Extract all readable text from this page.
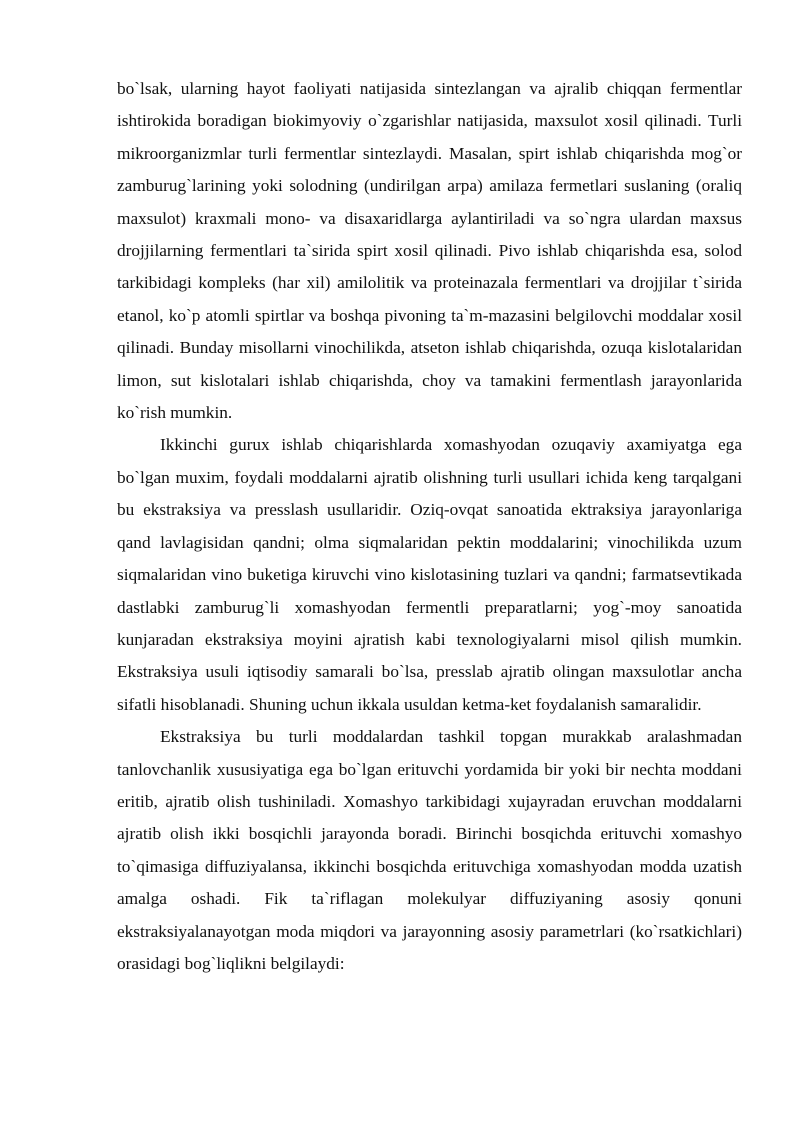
bo`lsak, ularning hayot faoliyati natijasida sintezlangan va ajralib chiqqan fermentlar ishtirokida boradigan biokimyoviy o`zgarishlar natijasida, maxsulot xosil qilinadi. Turli mikroorganizmlar turli fermentlar sintezlaydi. Masalan, spirt ishlab chiqarishda mog`or zamburug`larining yoki solodning (undirilgan arpa) amilaza fermetlari suslaning (oraliq maxsulot) kraxmali mono- va disaxaridlarga aylantiriladi va so`ngra ulardan maxsus drojjilarning fermentlari ta`sirida spirt xosil qilinadi. Pivo ishlab chiqarishda esa, solod tarkibidagi kompleks (har xil) amilolitik va proteinazala fermentlari va drojjilar t`sirida etanol, ko`p atomli spirtlar va boshqa pivoning ta`m-mazasini belgilovchi moddalar xosil qilinadi. Bunday misollarni vinochilikda, atseton ishlab chiqarishda, ozuqa kislotalaridan limon, sut kislotalari ishlab chiqarishda, choy va tamakini fermentlash jarayonlarida ko`rish mumkin.

Ikkinchi gurux ishlab chiqarishlarda xomashyodan ozuqaviy axamiyatga ega bo`lgan muxim, foydali moddalarni ajratib olishning turli usullari ichida keng tarqalgani bu ekstraksiya va presslash usullaridir. Oziq-ovqat sanoatida ektraksiya jarayonlariga qand lavlagisidan qandni; olma siqmalaridan pektin moddalarini; vinochilikda uzum siqmalaridan vino buketiga kiruvchi vino kislotasining tuzlari va qandni; farmatsevtikada dastlabki zamburug`li xomashyodan fermentli preparatlarni; yog`-moy sanoatida kunjaradan ekstraksiya moyini ajratish kabi texnologiyalarni misol qilish mumkin. Ekstraksiya usuli iqtisodiy samarali bo`lsa, presslab ajratib olingan maxsulotlar ancha sifatli hisoblanadi. Shuning uchun ikkala usuldan ketma-ket foydalanish samaralidir.

Ekstraksiya bu turli moddalardan tashkil topgan murakkab aralashmadan tanlovchanlik xususiyatiga ega bo`lgan erituvchi yordamida bir yoki bir nechta moddani eritib, ajratib olish tushiniladi. Xomashyo tarkibidagi xujayradan eruvchan moddalarni ajratib olish ikki bosqichli jarayonda boradi. Birinchi bosqichda erituvchi xomashyo to`qimasiga diffuziyalansa, ikkinchi bosqichda erituvchiga xomashyodan modda uzatish amalga oshadi. Fik ta`riflagan molekulyar diffuziyaning asosiy qonuni ekstraksiyalanayotgan moda miqdori va jarayonning asosiy parametrlari (ko`rsatkichlari) orasidagi bog`liqlikni belgilaydi:
